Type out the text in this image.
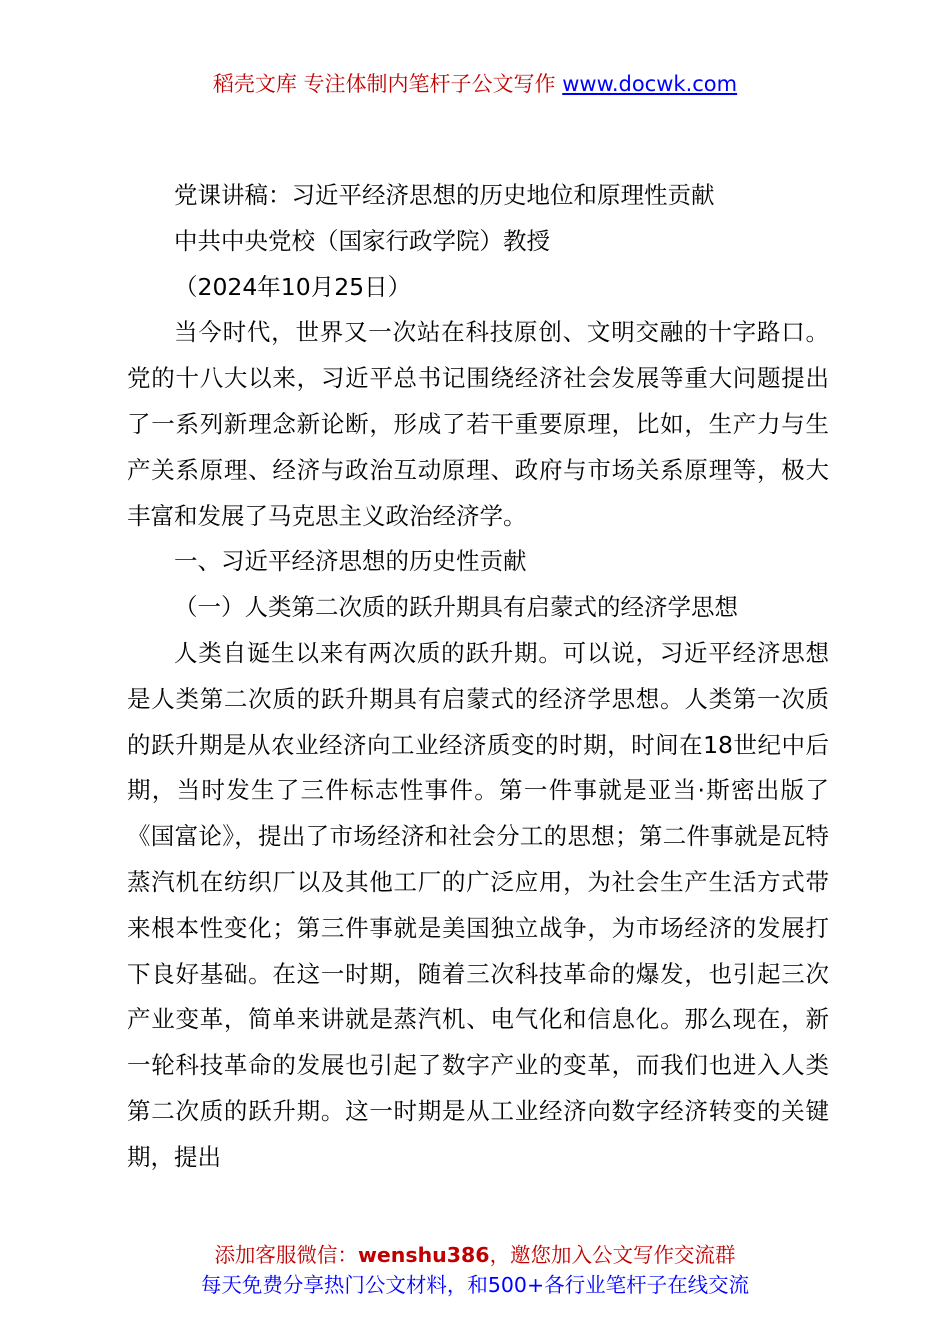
稻壳文库 专注体制内笔杆子公文写作 www.docwk.com

党课讲稿：习近平经济思想的历史地位和原理性贡献

中共中央党校（国家行政学院）教授

（2024年10月25日）

当今时代，世界又一次站在科技原创、文明交融的十字路口。党的十八大以来，习近平总书记围绕经济社会发展等重大问题提出了一系列新理念新论断，形成了若干重要原理，比如，生产力与生产关系原理、经济与政治互动原理、政府与市场关系原理等，极大丰富和发展了马克思主义政治经济学。

一、习近平经济思想的历史性贡献

（一）人类第二次质的跃升期具有启蒙式的经济学思想

人类自诞生以来有两次质的跃升期。可以说，习近平经济思想是人类第二次质的跃升期具有启蒙式的经济学思想。人类第一次质的跃升期是从农业经济向工业经济质变的时期，时间在18世纪中后期，当时发生了三件标志性事件。第一件事就是亚当·斯密出版了《国富论》，提出了市场经济和社会分工的思想；第二件事就是瓦特蒸汽机在纺织厂以及其他工厂的广泛应用，为社会生产生活方式带来根本性变化；第三件事就是美国独立战争，为市场经济的发展打下良好基础。在这一时期，随着三次科技革命的爆发，也引起三次产业变革，简单来讲就是蒸汽机、电气化和信息化。那么现在，新一轮科技革命的发展也引起了数字产业的变革，而我们也进入人类第二次质的跃升期。这一时期是从工业经济向数字经济转变的关键期，提出

添加客服微信：wenshu386，邀您加入公文写作交流群
每天免费分享热门公文材料，和500+各行业笔杆子在线交流
